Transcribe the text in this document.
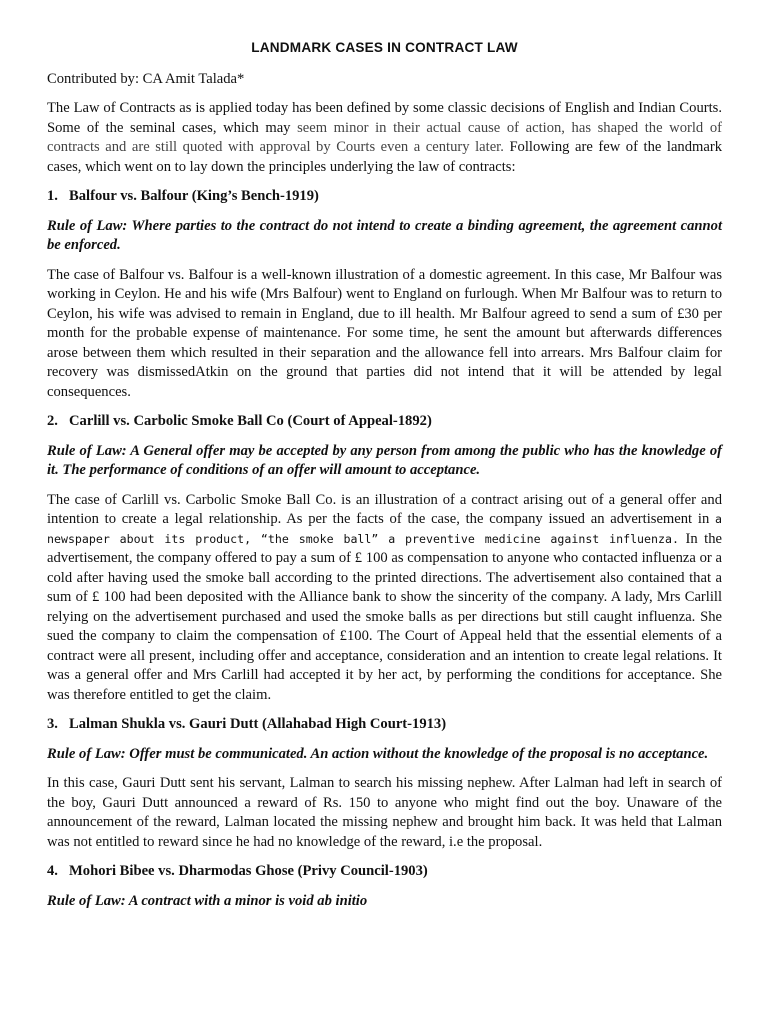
LANDMARK CASES IN CONTRACT LAW

Contributed by: CA Amit Talada*

The Law of Contracts as is applied today has been defined by some classic decisions of English and Indian Courts. Some of the seminal cases, which may seem minor in their actual cause of action, has shaped the world of contracts and are still quoted with approval by Courts even a century later. Following are few of the landmark cases, which went on to lay down the principles underlying the law of contracts:

1. Balfour vs. Balfour (King’s Bench-1919)

Rule of Law: Where parties to the contract do not intend to create a binding agreement, the agreement cannot be enforced.

The case of Balfour vs. Balfour is a well-known illustration of a domestic agreement. In this case, Mr Balfour was working in Ceylon. He and his wife (Mrs Balfour) went to England on furlough. When Mr Balfour was to return to Ceylon, his wife was advised to remain in England, due to ill health. Mr Balfour agreed to send a sum of £30 per month for the probable expense of maintenance. For some time, he sent the amount but afterwards differences arose between them which resulted in their separation and the allowance fell into arrears. Mrs Balfour claim for recovery was dismissedAtkin on the ground that parties did not intend that it will be attended by legal consequences.

2. Carlill vs. Carbolic Smoke Ball Co (Court of Appeal-1892)

Rule of Law: A General offer may be accepted by any person from among the public who has the knowledge of it. The performance of conditions of an offer will amount to acceptance.

The case of Carlill vs. Carbolic Smoke Ball Co. is an illustration of a contract arising out of a general offer and intention to create a legal relationship. As per the facts of the case, the company issued an advertisement in a newspaper about its product, “the smoke ball” a preventive medicine against influenza. In the advertisement, the company offered to pay a sum of £ 100 as compensation to anyone who contacted influenza or a cold after having used the smoke ball according to the printed directions. The advertisement also contained that a sum of £ 100 had been deposited with the Alliance bank to show the sincerity of the company. A lady, Mrs Carlill relying on the advertisement purchased and used the smoke balls as per directions but still caught influenza. She sued the company to claim the compensation of £100. The Court of Appeal held that the essential elements of a contract were all present, including offer and acceptance, consideration and an intention to create legal relations. It was a general offer and Mrs Carlill had accepted it by her act, by performing the conditions for acceptance. She was therefore entitled to get the claim.

3. Lalman Shukla vs. Gauri Dutt (Allahabad High Court-1913)

Rule of Law: Offer must be communicated. An action without the knowledge of the proposal is no acceptance.

In this case, Gauri Dutt sent his servant, Lalman to search his missing nephew. After Lalman had left in search of the boy, Gauri Dutt announced a reward of Rs. 150 to anyone who might find out the boy. Unaware of the announcement of the reward, Lalman located the missing nephew and brought him back. It was held that Lalman was not entitled to reward since he had no knowledge of the reward, i.e the proposal.

4. Mohori Bibee vs. Dharmodas Ghose (Privy Council-1903)

Rule of Law: A contract with a minor is void ab initio
